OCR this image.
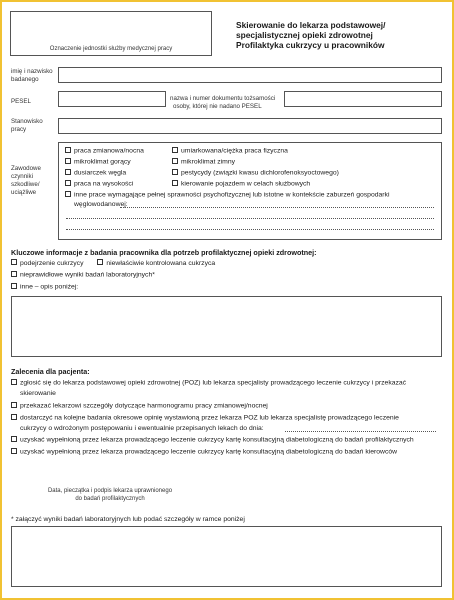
Oznaczenie jednostki służby medycznej pracy
Skierowanie do lekarza podstawowej/
specjalistycznej opieki zdrowotnej
Profilaktyka cukrzycy u pracowników
imię i nazwisko badanego
PESEL	nazwa i numer dokumentu tożsamości
osoby, której nie nadano PESEL
Stanowisko
pracy
Zawodowe
czynniki
szkodliwe/
uciążliwe
praca zmianowa/nocna
mikroklimat gorący
dusiarczek węgla
praca na wysokości
umiarkowana/ciężka praca fizyczna
mikroklimat zimny
pestycydy (związki kwasu dichlorofenoksyoctowego)
kierowanie pojazdem w celach służbowych
inne prace wymagające pełnej sprawności psychofizycznej lub istotne w kontekście zaburzeń gospodarki
węglowodanowej:
Kluczowe informacje z badania pracownika dla potrzeb profilaktycznej opieki zdrowotnej:
podejrzenie cukrzycy	niewłaściwie kontrolowana cukrzyca
nieprawidłowe wyniki badań laboratoryjnych*
inne – opis poniżej:
Zalecenia dla pacjenta:
zgłosić się do lekarza podstawowej opieki zdrowotnej (POZ) lub lekarza specjalisty prowadzącego leczenie cukrzycy i przekazać
skierowanie
przekazać lekarzowi szczegóły dotyczące harmonogramu pracy zmianowej/nocnej
dostarczyć na kolejne badania okresowe opinię wystawioną przez lekarza POZ lub lekarza specjalistę prowadzącego leczenie
cukrzycy o wdrożonym postępowaniu i ewentualnie przepisanych lekach do dnia:
uzyskać wypełnioną przez lekarza prowadzącego leczenie cukrzycy kartę konsultacyjną diabetologiczną do badań profilaktycznych
uzyskać wypełnioną przez lekarza prowadzącego leczenie cukrzycy kartę konsultacyjną diabetologiczną do badań kierowców
Data, pieczątka i podpis lekarza uprawnionego
do badań profilaktycznych
* załączyć wyniki badań laboratoryjnych lub podać szczegóły w ramce poniżej
